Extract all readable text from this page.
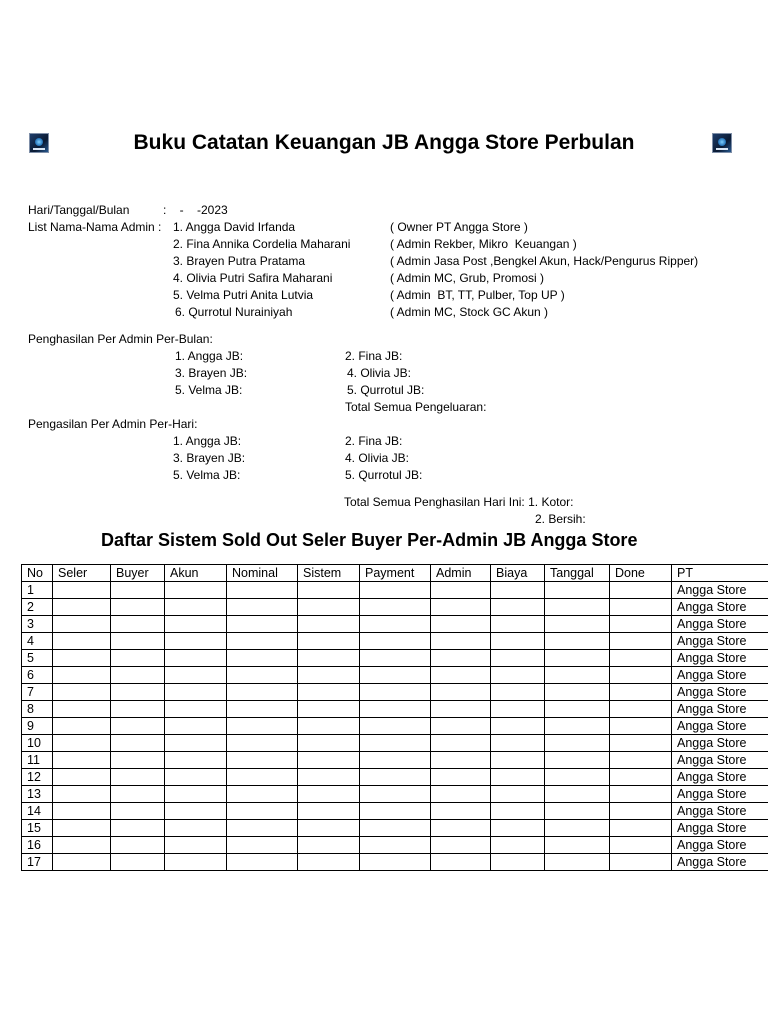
Buku Catatan Keuangan JB Angga Store Perbulan
Hari/Tanggal/Bulan	:    -    -2023
List Nama-Nama Admin : 1. Angga David Irfanda	( Owner PT Angga Store )
2. Fina Annika Cordelia Maharani	( Admin Rekber, Mikro  Keuangan )
3. Brayen Putra Pratama	( Admin Jasa Post ,Bengkel Akun, Hack/Pengurus Ripper)
4. Olivia Putri Safira Maharani	( Admin MC, Grub, Promosi )
5. Velma Putri Anita Lutvia	( Admin  BT, TT, Pulber, Top UP )
6. Qurrotul Nurainiyah	( Admin MC, Stock GC Akun )
Penghasilan Per Admin Per-Bulan:
1. Angga JB:
3. Brayen JB:
5. Velma JB:
2. Fina JB:
4. Olivia JB:
5. Qurrotul JB:
Total Semua Pengeluaran:
Pengasilan Per Admin Per-Hari:
1. Angga JB:
3. Brayen JB:
5. Velma JB:
2. Fina JB:
4. Olivia JB:
5. Qurrotul JB:
Total Semua Penghasilan Hari Ini: 1. Kotor:
2. Bersih:
Daftar Sistem Sold Out Seler Buyer Per-Admin JB Angga Store
No	Seler	Buyer	Akun	Nominal	Sistem	Payment	Admin	Biaya	Tanggal	Done	PT
1											Angga Store
2											Angga Store
3											Angga Store
4											Angga Store
5											Angga Store
6											Angga Store
7											Angga Store
8											Angga Store
9											Angga Store
10											Angga Store
11											Angga Store
12											Angga Store
13											Angga Store
14											Angga Store
15											Angga Store
16											Angga Store
17											Angga Store
